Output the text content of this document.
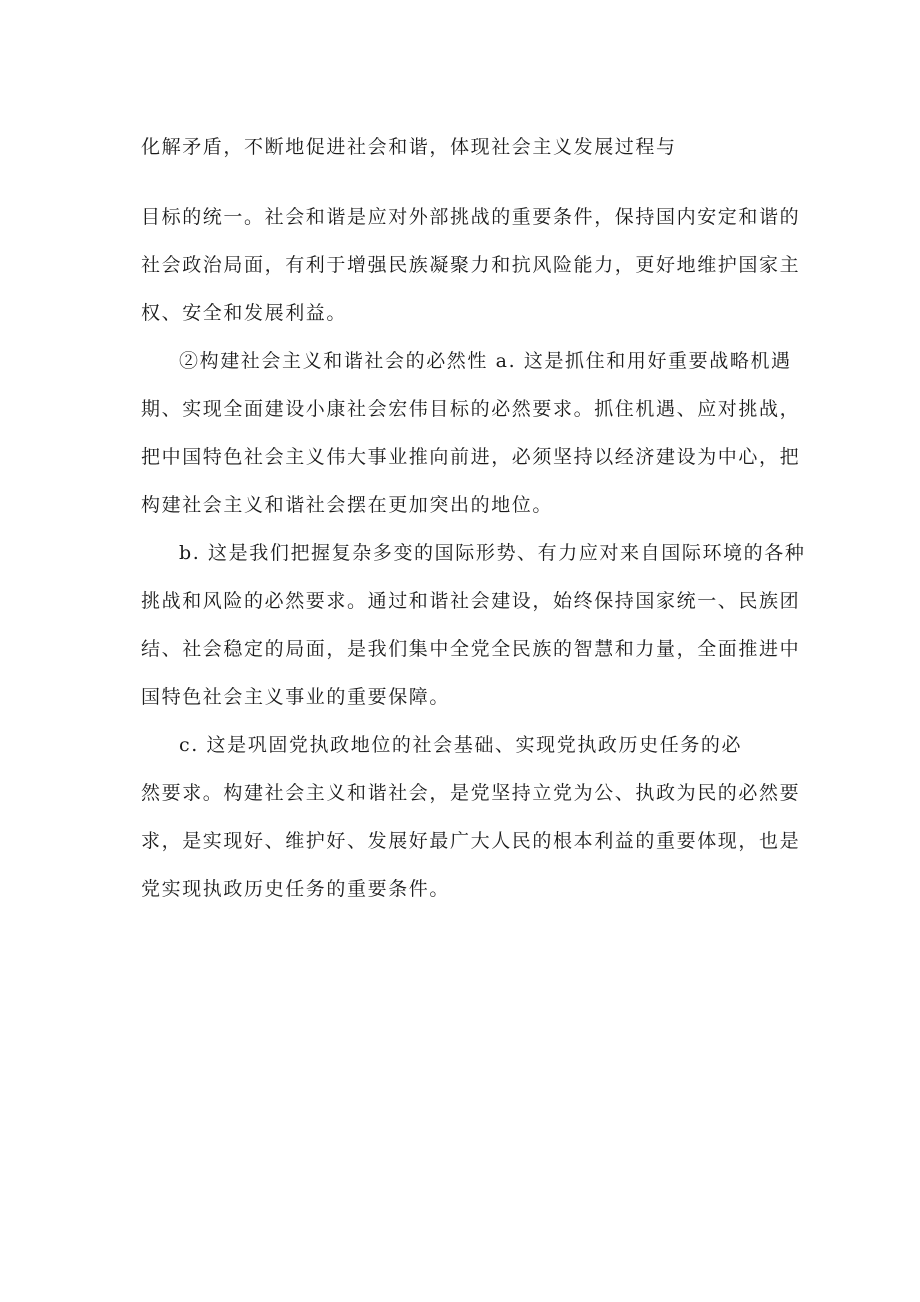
化解矛盾，不断地促进社会和谐，体现社会主义发展过程与
目标的统一。社会和谐是应对外部挑战的重要条件，保持国内安定和谐的
社会政治局面，有利于增强民族凝聚力和抗风险能力，更好地维护国家主
权、安全和发展利益。
②构建社会主义和谐社会的必然性 a. 这是抓住和用好重要战略机遇
期、实现全面建设小康社会宏伟目标的必然要求。抓住机遇、应对挑战，
把中国特色社会主义伟大事业推向前进，必须坚持以经济建设为中心，把
构建社会主义和谐社会摆在更加突出的地位。
b. 这是我们把握复杂多变的国际形势、有力应对来自国际环境的各种
挑战和风险的必然要求。通过和谐社会建设，始终保持国家统一、民族团
结、社会稳定的局面，是我们集中全党全民族的智慧和力量，全面推进中
国特色社会主义事业的重要保障。
c. 这是巩固党执政地位的社会基础、实现党执政历史任务的必
然要求。构建社会主义和谐社会，是党坚持立党为公、执政为民的必然要
求，是实现好、维护好、发展好最广大人民的根本利益的重要体现，也是
党实现执政历史任务的重要条件。
